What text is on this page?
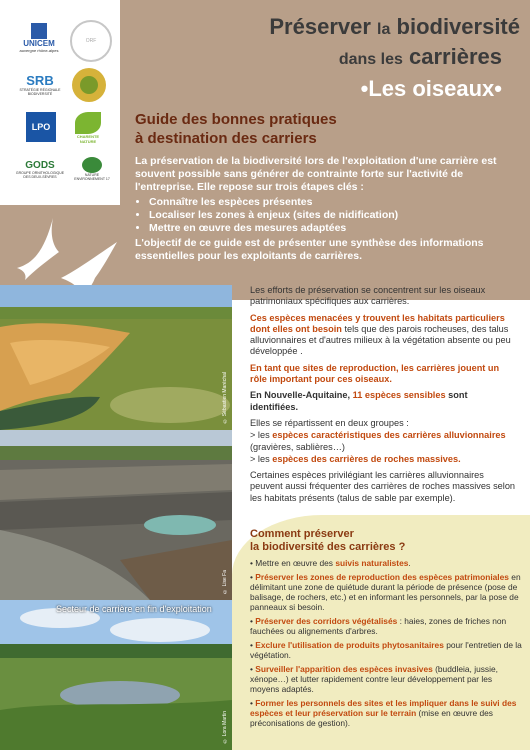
UNICEM
auvergne rhône-alpes
ORF
SRB
STRATÉGIE RÉGIONALE BIODIVERSITÉ
LPO
CHARENTE NATURE
GODS
GROUPE ORNITHOLOGIQUE DES DEUX-SÈVRES	NATURE ENVIRONNEMENT 17
Préserver la biodiversité
dans les carrières
•Les oiseaux•
Guide des bonnes pratiques
à destination des carriers

La préservation de la biodiversité lors de l'exploitation d'une carrière est souvent possible sans générer de contrainte forte sur l'activité de l'entreprise. Elle repose sur trois étapes clés :

• Connaître les espèces présentes
• Localiser les zones à enjeux (sites de nidification)
• Mettre en œuvre des mesures adaptées

L'objectif de ce guide est de présenter une synthèse des informations essentielles pour les exploitants de carrières.

© Sébastien Maréchal
© Lise Fa
© Lora Martin
Secteur de carrière en fin d'exploitation

Les efforts de préservation se concentrent sur les oiseaux patrimoniaux spécifiques aux carrières.

Ces espèces menacées y trouvent les habitats particuliers dont elles ont besoin tels que des parois rocheuses, des talus alluvionnaires et d'autres milieux à la végétation absente ou peu développée .

En tant que sites de reproduction, les carrières jouent un rôle important pour ces oiseaux.

En Nouvelle-Aquitaine, 11 espèces sensibles sont identifiées.

Elles se répartissent en deux groupes :

> les espèces caractéristiques des carrières alluvionnaires (gravières, sablières…)

> les espèces des carrières de roches massives.

Certaines espèces privilégiant les carrières alluvionnaires peuvent aussi fréquenter des carrières de roches massives selon les habitats présents (talus de sable par exemple).

Comment préserver
la biodiversité des carrières ?
• Mettre en œuvre des suivis naturalistes.
• Préserver les zones de reproduction des espèces patrimoniales en délimitant une zone de quiétude durant la période de présence (pose de balisage, de rochers, etc.) et en informant les personnels, par la pose de panneaux si besoin.
• Préserver des corridors végétalisés : haies, zones de friches non fauchées ou alignements d'arbres.
• Exclure l'utilisation de produits phytosanitaires pour l'entretien de la végétation.
• Surveiller l'apparition des espèces invasives (buddleia, jussie, xénope…) et lutter rapidement contre leur développement par les moyens adaptés.
• Former les personnels des sites et les impliquer dans le suivi des espèces et leur préservation sur le terrain (mise en œuvre des préconisations de gestion).
